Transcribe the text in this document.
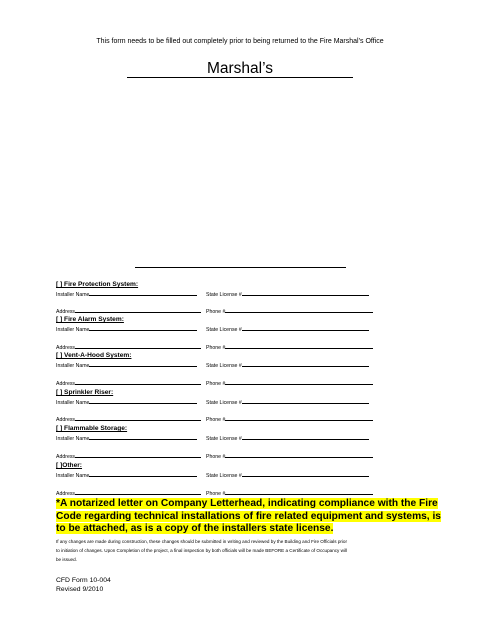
This form needs to be filled out completely prior to being returned to the Fire Marshal’s Office
Marshal’s
[ ] Fire Protection System:
Installer Name	State License #
Address	Phone #
[ ] Fire Alarm System:
Installer Name	State License #
Address	Phone #
[ ] Vent-A-Hood System:
Installer Name	State License #
Address	Phone #
[ ] Sprinkler Riser:
Installer Name	State License #
Address	Phone #
[ ] Flammable Storage:
Installer Name	State License #
Address	Phone #
[ ]Other:
Installer Name	State License #
Address	Phone #
*A notarized letter on Company Letterhead, indicating compliance with the Fire
Code regarding technical installations of fire related equipment and systems, is
to be attached, as is a copy of the installers state license.
If any changes are made during construction, these changes should be submitted in writing and reviewed by the Building and Fire Officials prior
to initiation of changes. Upon Completion of the project, a final inspection by both officials will be made BEFORE a Certificate of Occupancy will
be issued.
CFD Form 10-004
Revised 9/2010
